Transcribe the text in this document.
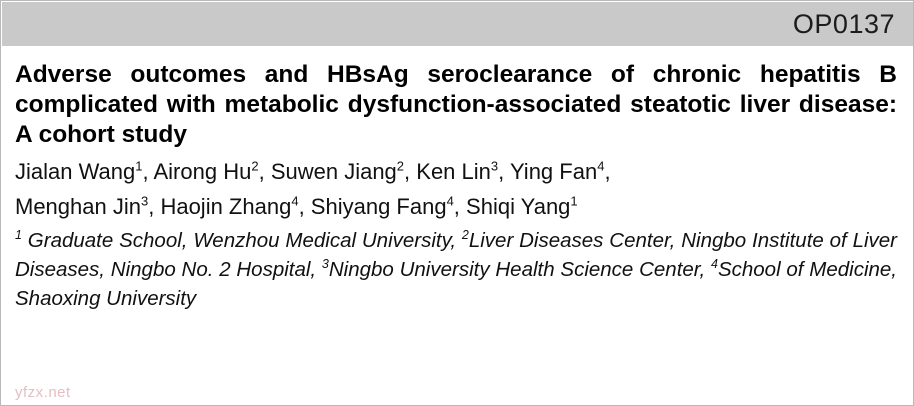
OP0137
Adverse outcomes and HBsAg seroclearance of chronic hepatitis B complicated with metabolic dysfunction-associated steatotic liver disease: A cohort study
Jialan Wang$^1$, Airong Hu$^2$, Suwen Jiang$^2$, Ken Lin$^3$, Ying Fan$^4$,
Menghan Jin$^3$, Haojin Zhang$^4$, Shiyang Fang$^4$, Shiqi Yang$^1$
$^1$ Graduate School, Wenzhou Medical University, $^2$Liver Diseases Center, Ningbo Institute of Liver Diseases, Ningbo No. 2 Hospital, $^3$Ningbo University Health Science Center, $^4$School of Medicine, Shaoxing University
yfzx.net
